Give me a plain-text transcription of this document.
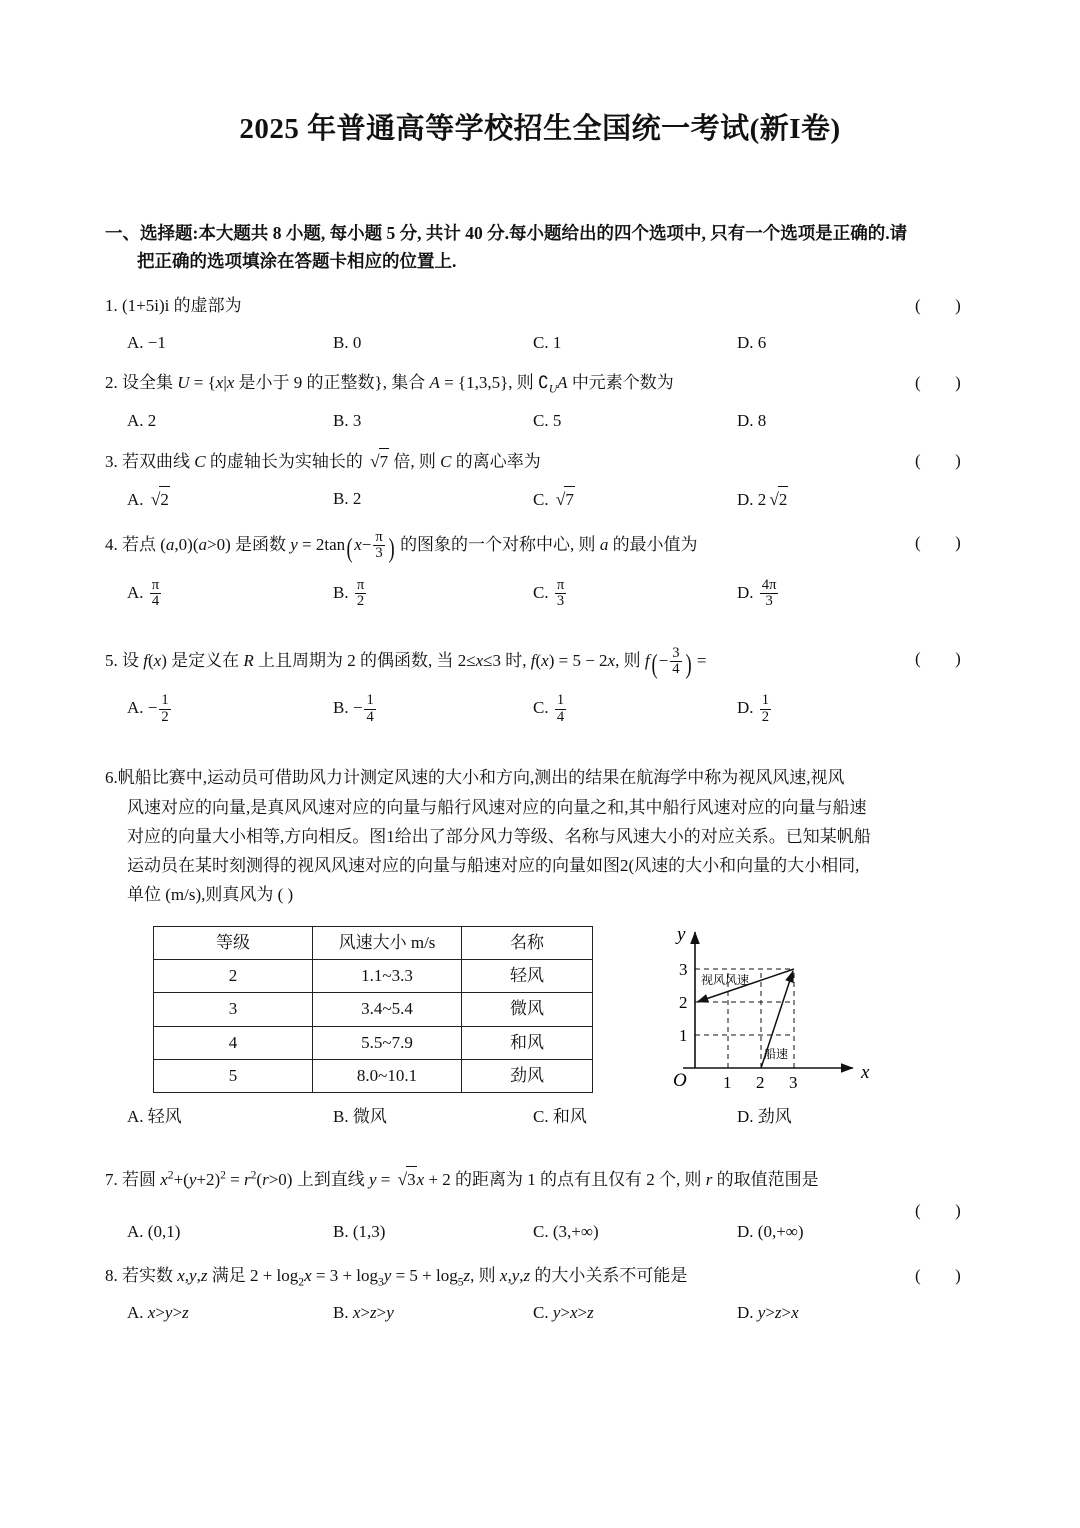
2025 年普通高等学校招生全国统一考试(新I卷)
一、选择题:本大题共 8 小题, 每小题 5 分, 共计 40 分.每小题给出的四个选项中, 只有一个选项是正确的.请
把正确的选项填涂在答题卡相应的位置上.
1. (1+5i)i 的虚部为	( )
A. −1	B. 0	C. 1	D. 6
2. 设全集 U = {x|x 是小于 9 的正整数}, 集合 A = {1,3,5}, 则 $∁_UA$ 中元素个数为	( )
A. 2	B. 3	C. 5	D. 8
3. 若双曲线 C 的虚轴长为实轴长的 √7 倍, 则 C 的离心率为	( )
A. √2	B. 2	C. √7	D. 2 √2
4. 若点 (a,0)(a>0) 是函数 $y = 2\tan(x- \frac{\pi}{3}$ ) 的图象的一个对称中心, 则 a 的最小值为	( )
A. $\frac{\pi}{4}$	B. $\frac{\pi}{2}$	C. $\frac{\pi}{3}$	D. $\frac{4\pi}{3}$
5. 设 f(x) 是定义在 R 上且周期为 2 的偶函数, 当 2≤x≤3 时, f(x) = 5 − 2x, 则 $f(- \frac{3}{4}$ ) =	( )
A. − $\frac{1}{2}$	B. − $\frac{1}{4}$	C. $\frac{1}{4}$	D. $\frac{1}{2}$
6.帆船比赛中,运动员可借助风力计测定风速的大小和方向,测出的结果在航海学中称为视风风速,视风
风速对应的向量,是真风风速对应的向量与船行风速对应的向量之和,其中船行风速对应的向量与船速
对应的向量大小相等,方向相反。图1给出了部分风力等级、名称与风速大小的对应关系。已知某帆船
运动员在某时刻测得的视风风速对应的向量与船速对应的向量如图2(风速的大小和向量的大小相同,
单位 (m/s),则真风为 ( )
等级	风速大小 m/s	名称
2	1.1~3.3	轻风
3	3.4~5.4	微风
4	5.5~7.9	和风
5	8.0~10.1	劲风
y
x
O 1 2 3
1
2
3
视风风速
船速
A. 轻风	B. 微风	C. 和风	D. 劲风
7. 若圆 $x^2+(y+2)^2 = r^2(r>0)$ 上到直线 y = √3x + 2 的距离为 1 的点有且仅有 2 个, 则 r 的取值范围是
( )
A. (0,1)	B. (1,3)	C. (3,+∞)	D. (0,+∞)
8. 若实数 x,y,z 满足 $2 + \log_2x = 3 + \log_3y = 5 + \log_5z$, 则 x,y,z 的大小关系不可能是	( )
A. x>y>z	B. x>z>y	C. y>x>z	D. y>z>x
